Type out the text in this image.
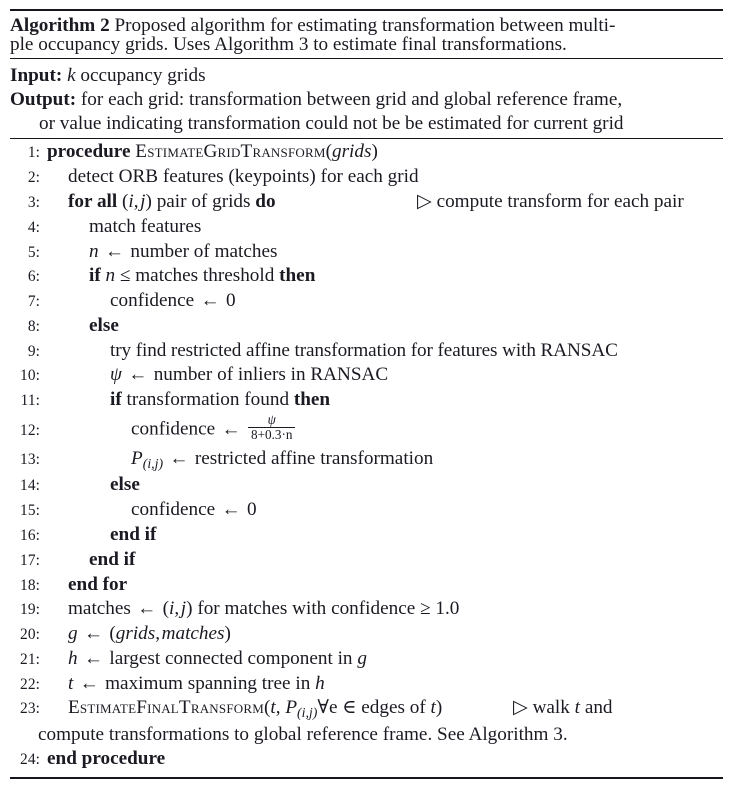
Algorithm 2 Proposed algorithm for estimating transformation between multi-
ple occupancy grids. Uses Algorithm 3 to estimate final transformations.
Input: k occupancy grids
Output: for each grid: transformation between grid and global reference frame,
or value indicating transformation could not be be estimated for current grid
1: procedure EstimateGridTransform(grids)
2:	detect ORB features (keypoints) for each grid
3:	for all (i, j) pair of grids do	▷ compute transform for each pair
4:	match features
5:	n ← number of matches
6:	if n ≤ matches threshold then
7:	confidence ← 0
8:	else
9:	try find restricted affine transformation for features with RANSAC
10:	ψ ← number of inliers in RANSAC
11:	if transformation found then
12:	confidence ← $\frac{\psi}{8+0.3\cdot n}$
13:	$P_{(i,j)}$ ← restricted affine transformation
14:	else
15:	confidence ← 0
16:	end if
17:	end if
18:	end for
19:	matches ← (i, j) for matches with confidence ≥ 1.0
20:	g ← (grids, matches)
21:	h ← largest connected component in g
22:	t ← maximum spanning tree in h
23:	EstimateFinalTransform(t, $P_{(i,j)}\forall e$ ∈ edges of t)	▷ walk t and
compute transformations to global reference frame. See Algorithm 3.
24: end procedure
